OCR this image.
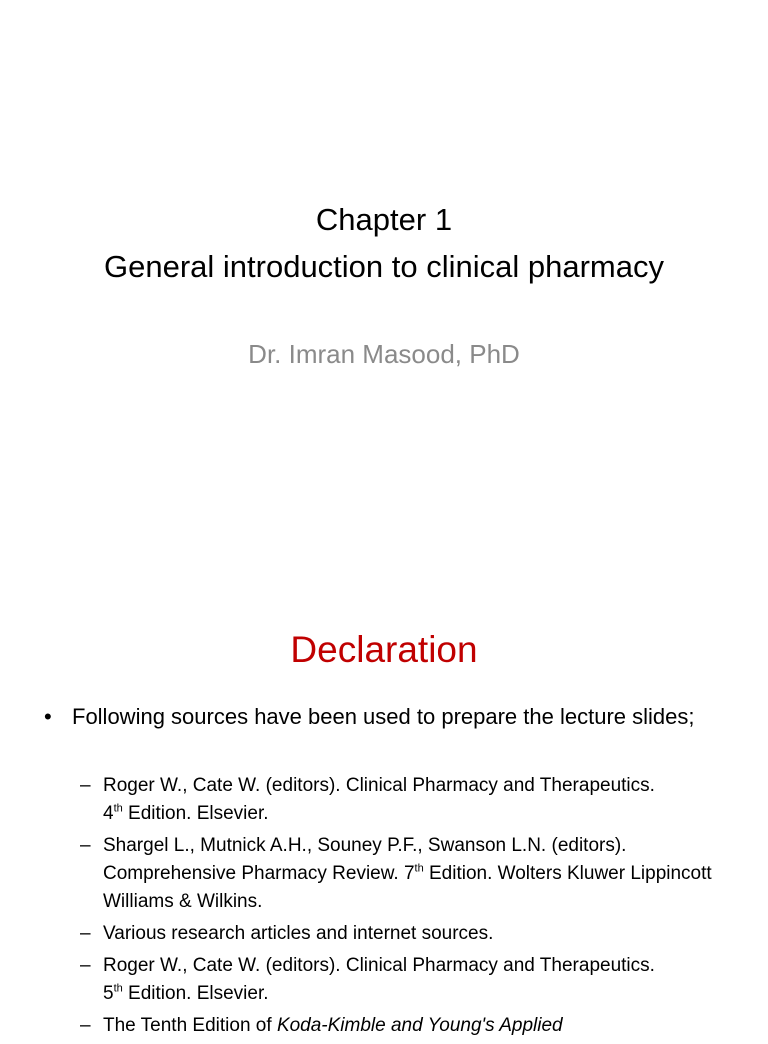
Chapter 1
General introduction to clinical pharmacy
Dr. Imran Masood, PhD
Declaration
• Following sources have been used to prepare the lecture slides;
– Roger W., Cate W. (editors). Clinical Pharmacy and Therapeutics.
4th Edition. Elsevier.
– Shargel L., Mutnick A.H., Souney P.F., Swanson L.N. (editors). Comprehensive Pharmacy Review. 7th Edition. Wolters Kluwer Lippincott Williams & Wilkins.
– Various research articles and internet sources.
– Roger W., Cate W. (editors). Clinical Pharmacy and Therapeutics.
5th Edition. Elsevier.
– The Tenth Edition of Koda-Kimble and Young's Applied
